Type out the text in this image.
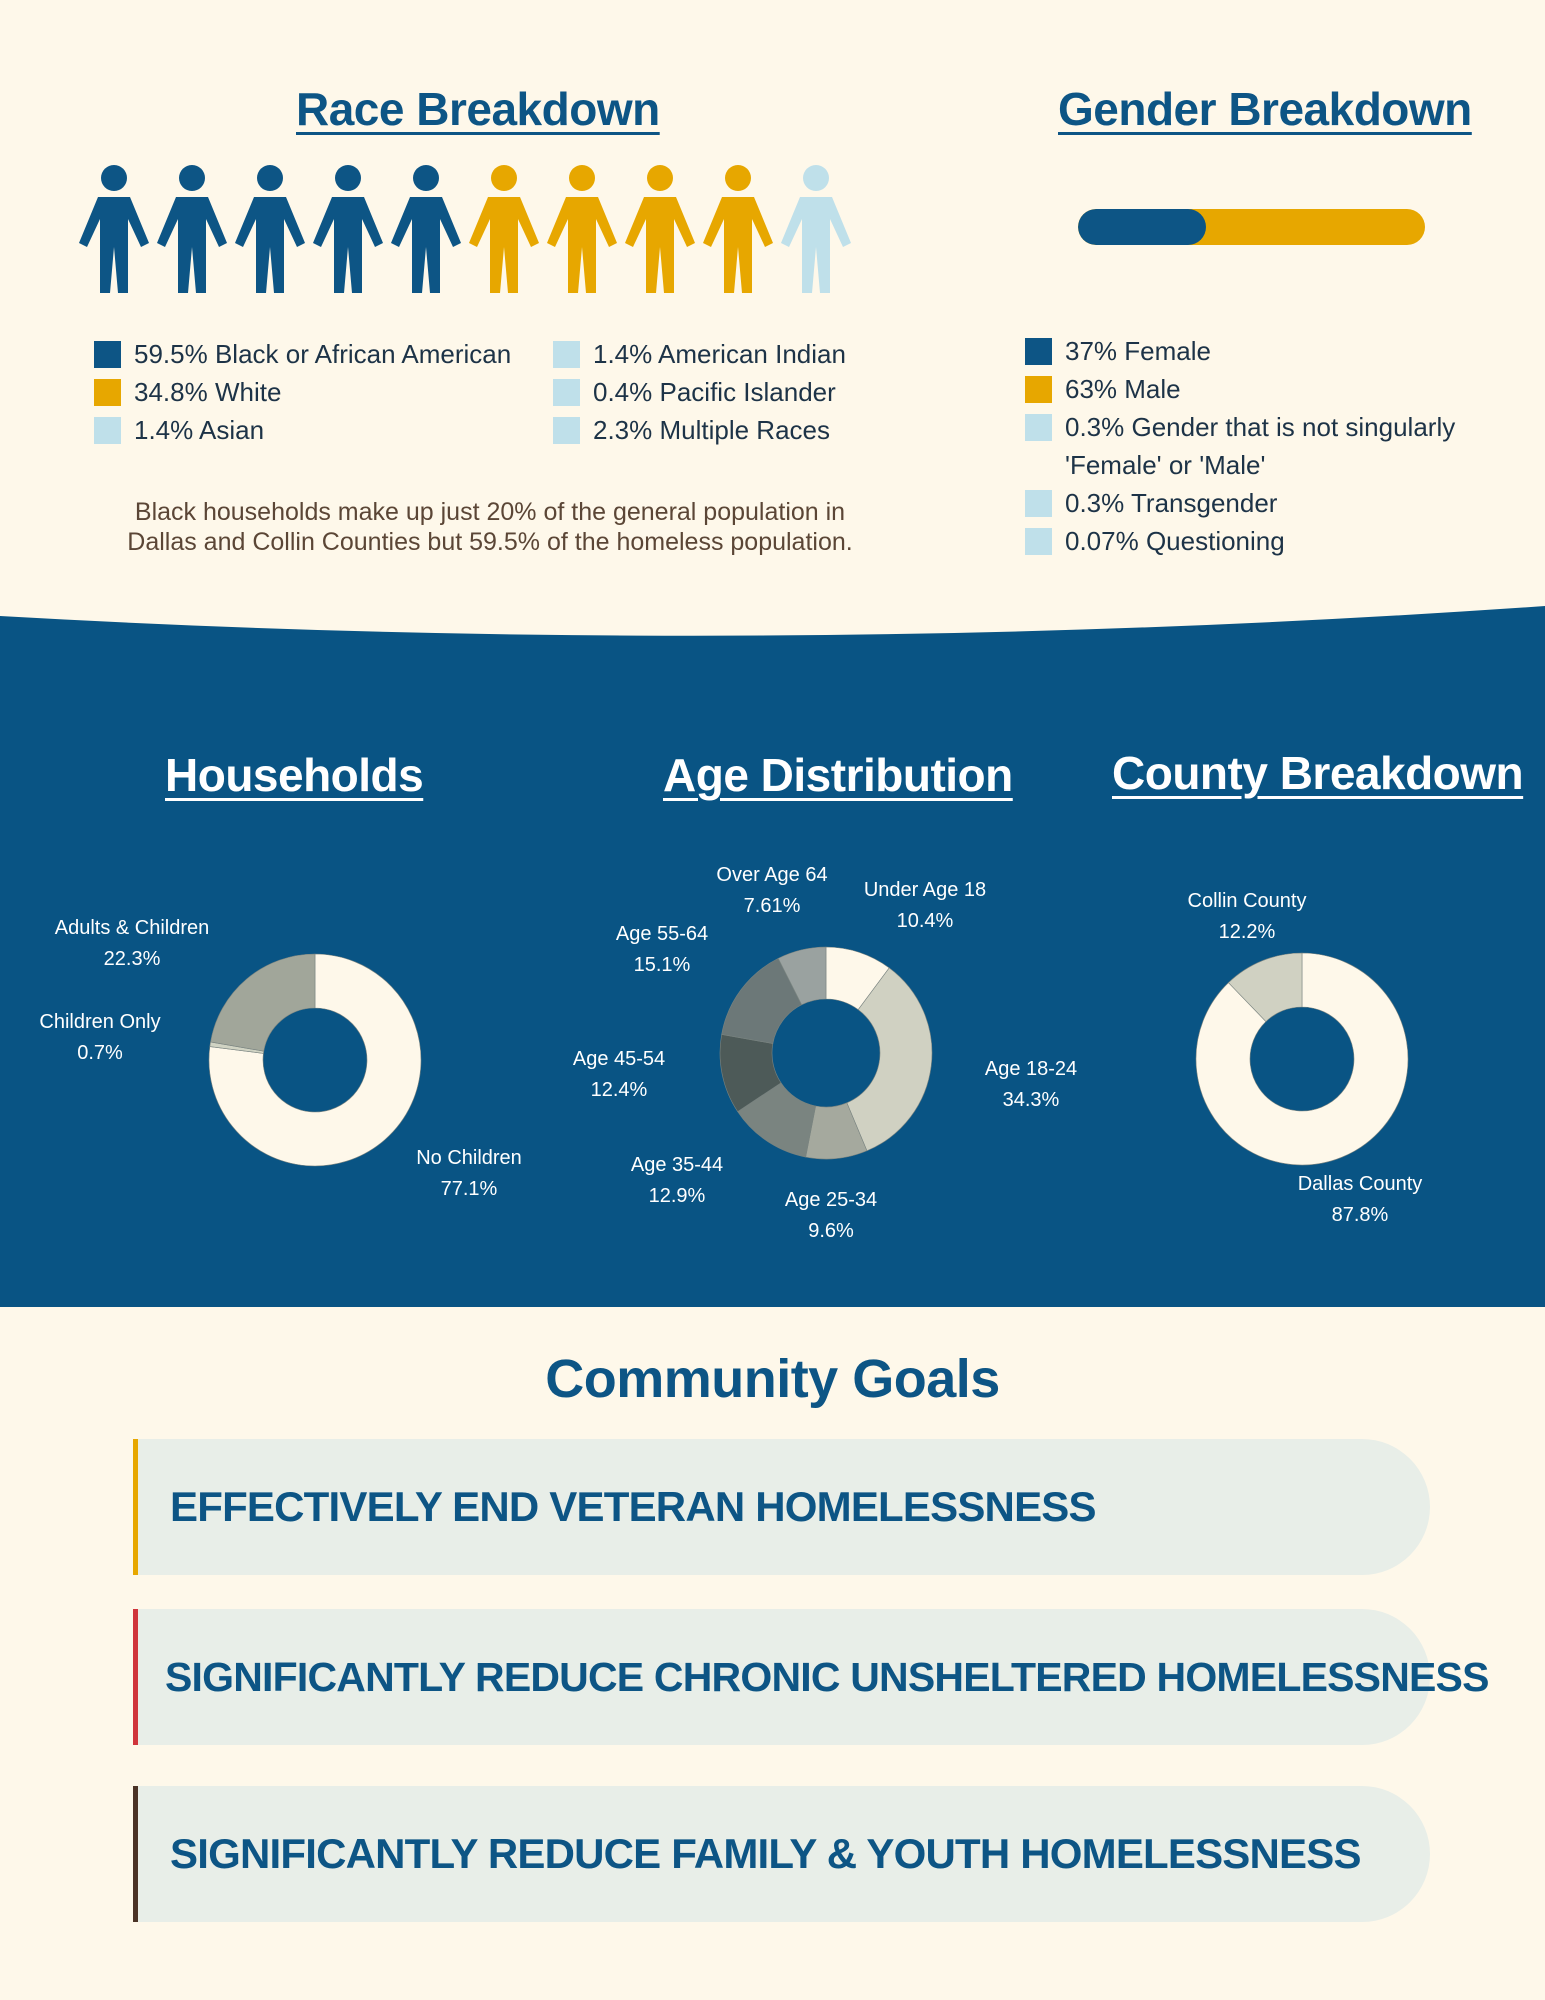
Race Breakdown
59.5% Black or African American
34.8% White
1.4% Asian
1.4% American Indian
0.4% Pacific Islander
2.3% Multiple Races
Black households make up just 20% of the general population in
Dallas and Collin Counties but 59.5% of the homeless population.
Gender Breakdown
37% Female
63% Male
0.3% Gender that is not singularly
'Female' or 'Male'
0.3% Transgender
0.07% Questioning
Households	Age Distribution County Breakdown
Adults & Children
22.3%
Children Only
0.7%
No Children
77.1%
Over Age 64
7.61%
Under Age 18
10.4%
Age 55-64
15.1%
Age 18-24
34.3%
Age 45-54
12.4%
Age 35-44
12.9%	Age 25-34
9.6%
Collin County
12.2%
Dallas County
87.8%
Community Goals
EFFECTIVELY END VETERAN HOMELESSNESS
SIGNIFICANTLY REDUCE CHRONIC UNSHELTERED HOMELESSNESS
SIGNIFICANTLY REDUCE FAMILY & YOUTH HOMELESSNESS
